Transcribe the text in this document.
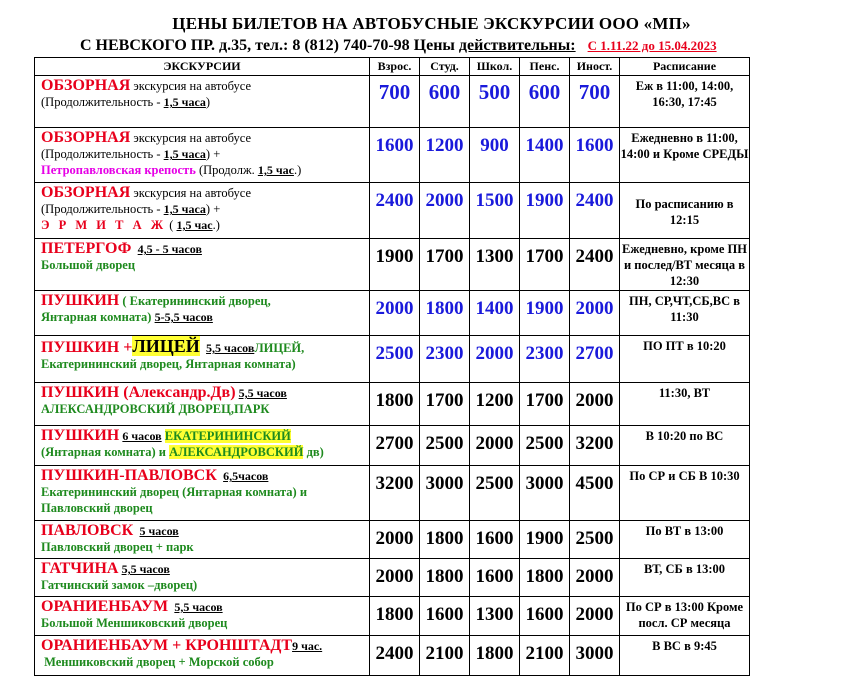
ЦЕНЫ БИЛЕТОВ НА АВТОБУСНЫЕ ЭКСКУРСИИ ООО «МП»
С НЕВСКОГО ПР. д.35, тел.: 8 (812) 740-70-98 Цены действительны: С 1.11.22 до 15.04.2023
ЭКСКУРСИИ	Взрос.	Студ.	Школ.	Пенс.	Иност.	Расписание
ОБЗОРНАЯ экскурсия на автобусе
(Продолжительность - 1,5 часа)	700	600	500	600	700	Еж в 11:00, 14:00, 16:30, 17:45
ОБЗОРНАЯ экскурсия на автобусе
(Продолжительность - 1,5 часа) +
Петропавловская крепость (Продолж. 1,5 час.)	1600	1200	900	1400	1600	Ежедневно в 11:00, 14:00 и Кроме СРЕДЫ
ОБЗОРНАЯ экскурсия на автобусе
(Продолжительность - 1,5 часа) +
Э Р М И Т А Ж ( 1,5 час.)	2400	2000	1500	1900	2400	По расписанию в 12:15
ПЕТЕРГОФ 4,5 - 5 часов
Большой дворец	1900	1700	1300	1700	2400	Ежедневно, кроме ПН и послед/ВТ месяца в 12:30
ПУШКИН ( Екатерининский дворец,
Янтарная комната) 5-5,5 часов	2000	1800	1400	1900	2000	ПН, СР,ЧТ,СБ,ВС в 11:30
ПУШКИН +ЛИЦЕЙ 5,5 часовЛИЦЕЙ,
Екатерининский дворец, Янтарная комната)	2500	2300	2000	2300	2700	ПО ПТ в 10:20
ПУШКИН (Александр.Дв) 5,5 часов
АЛЕКСАНДРОВСКИЙ ДВОРЕЦ,ПАРК	1800	1700	1200	1700	2000	11:30, ВТ
ПУШКИН 6 часов ЕКАТЕРИНИНСКИЙ
(Янтарная комната) и АЛЕКСАНДРОВСКИЙ дв)	2700	2500	2000	2500	3200	В 10:20 по ВС
ПУШКИН-ПАВЛОВСК 6,5часов
Екатерининский дворец (Янтарная комната) и
Павловский дворец	3200	3000	2500	3000	4500	По СР и СБ В 10:30
ПАВЛОВСК 5 часов
Павловский дворец + парк	2000	1800	1600	1900	2500	По ВТ в 13:00
ГАТЧИНА 5,5 часов
Гатчинский замок –дворец)	2000	1800	1600	1800	2000	ВТ, СБ в 13:00
ОРАНИЕНБАУМ 5,5 часов
Большой Меншиковский дворец	1800	1600	1300	1600	2000	По СР в 13:00 Кроме посл. СР месяца
ОРАНИЕНБАУМ + КРОНШТАДТ9 час.
Меншиковский дворец + Морской собор	2400	2100	1800	2100	3000	В ВС в 9:45
